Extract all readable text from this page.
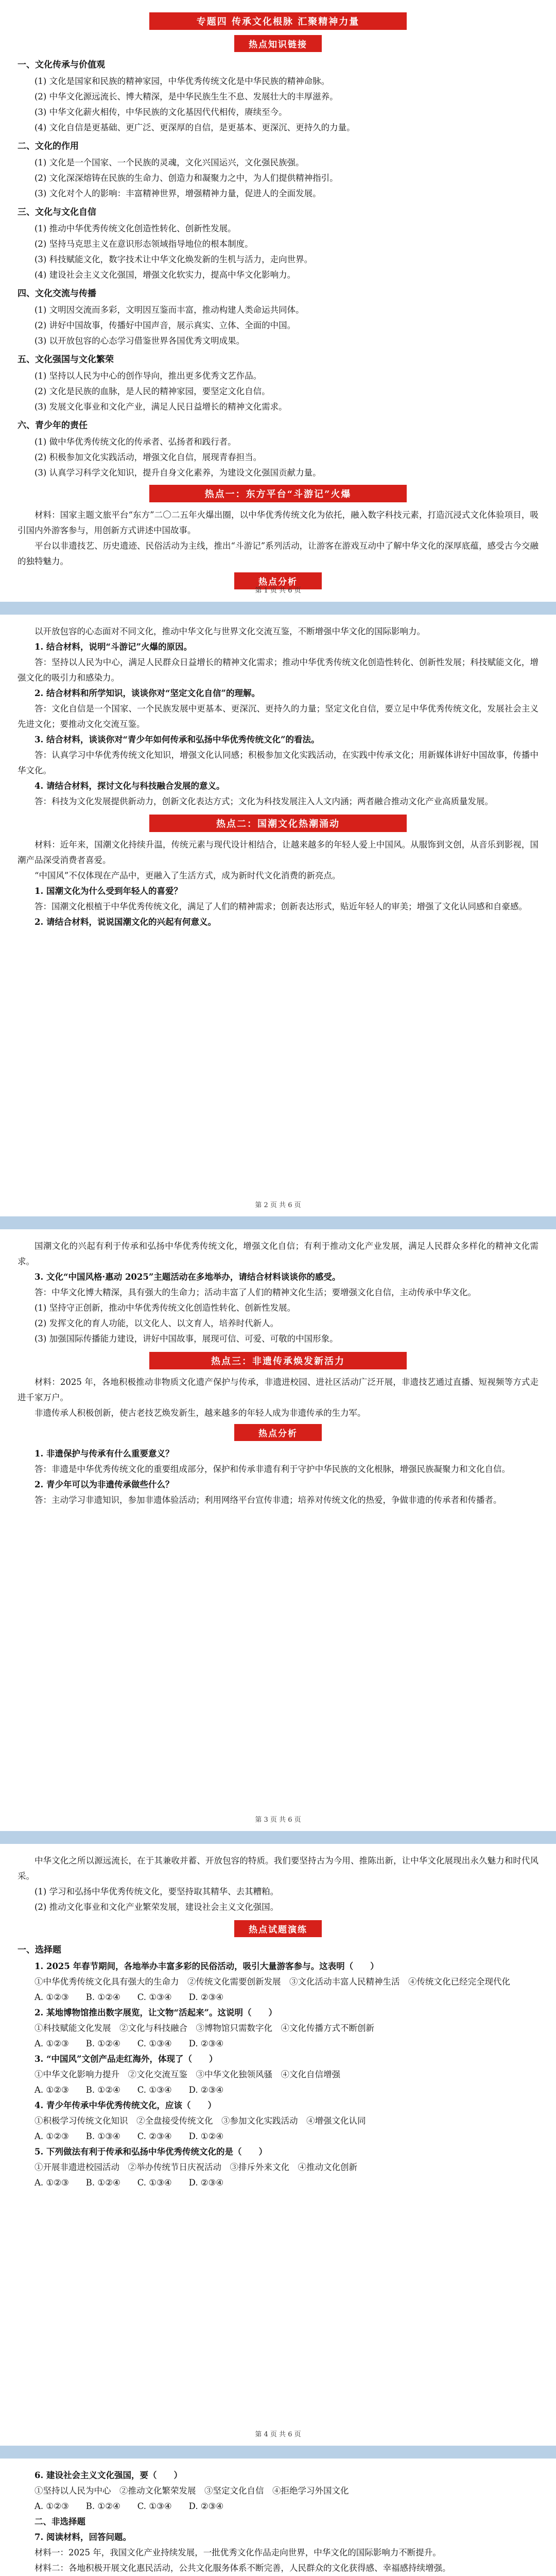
专题四 传承文化根脉 汇聚精神力量
热点知识链接

一、文化传承与价值观

(1) 文化是国家和民族的精神家园，中华优秀传统文化是中华民族的精神命脉。

(2) 中华文化源远流长、博大精深，是中华民族生生不息、发展壮大的丰厚滋养。

(3) 中华文化薪火相传，中华民族的文化基因代代相传，赓续至今。

(4) 文化自信是更基础、更广泛、更深厚的自信，是更基本、更深沉、更持久的力量。

二、文化的作用

(1) 文化是一个国家、一个民族的灵魂，文化兴国运兴，文化强民族强。

(2) 文化深深熔铸在民族的生命力、创造力和凝聚力之中，为人们提供精神指引。

(3) 文化对个人的影响：丰富精神世界，增强精神力量，促进人的全面发展。

三、文化与文化自信

(1) 推动中华优秀传统文化创造性转化、创新性发展。

(2) 坚持马克思主义在意识形态领域指导地位的根本制度。

(3) 科技赋能文化，数字技术让中华文化焕发新的生机与活力，走向世界。

(4) 建设社会主义文化强国，增强文化软实力，提高中华文化影响力。

四、文化交流与传播

(1) 文明因交流而多彩，文明因互鉴而丰富，推动构建人类命运共同体。

(2) 讲好中国故事，传播好中国声音，展示真实、立体、全面的中国。

(3) 以开放包容的心态学习借鉴世界各国优秀文明成果。

五、文化强国与文化繁荣

(1) 坚持以人民为中心的创作导向，推出更多优秀文艺作品。

(2) 文化是民族的血脉，是人民的精神家园，要坚定文化自信。

(3) 发展文化事业和文化产业，满足人民日益增长的精神文化需求。

六、青少年的责任

(1) 做中华优秀传统文化的传承者、弘扬者和践行者。

(2) 积极参加文化实践活动，增强文化自信，展现青春担当。

(3) 认真学习科学文化知识，提升自身文化素养，为建设文化强国贡献力量。

热点一：东方平台“斗游记”火爆

材料：国家主题文旅平台“东方”二〇二五年火爆出圈，以中华优秀传统文化为依托，融入数字科技元素，打造沉浸式文化体验项目，吸引国内外游客参与，用创新方式讲述中国故事。

平台以非遗技艺、历史遗迹、民俗活动为主线，推出“斗游记”系列活动，让游客在游戏互动中了解中华文化的深厚底蕴，感受古今交融的独特魅力。

热点分析
第 1 页 共 6 页

以开放包容的心态面对不同文化，推动中华文化与世界文化交流互鉴，不断增强中华文化的国际影响力。

1. 结合材料，说明“斗游记”火爆的原因。

答：坚持以人民为中心，满足人民群众日益增长的精神文化需求；推动中华优秀传统文化创造性转化、创新性发展；科技赋能文化，增强文化的吸引力和感染力。

2. 结合材料和所学知识，谈谈你对“坚定文化自信”的理解。

答：文化自信是一个国家、一个民族发展中更基本、更深沉、更持久的力量；坚定文化自信，要立足中华优秀传统文化，发展社会主义先进文化；要推动文化交流互鉴。

3. 结合材料，谈谈你对“青少年如何传承和弘扬中华优秀传统文化”的看法。

答：认真学习中华优秀传统文化知识，增强文化认同感；积极参加文化实践活动，在实践中传承文化；用新媒体讲好中国故事，传播中华文化。

4. 请结合材料，探讨文化与科技融合发展的意义。

答：科技为文化发展提供新动力，创新文化表达方式；文化为科技发展注入人文内涵；两者融合推动文化产业高质量发展。

热点二：国潮文化热潮涌动

材料：近年来，国潮文化持续升温，传统元素与现代设计相结合，让越来越多的年轻人爱上中国风。从服饰到文创，从音乐到影视，国潮产品深受消费者喜爱。

“中国风”不仅体现在产品中，更融入了生活方式，成为新时代文化消费的新亮点。

1. 国潮文化为什么受到年轻人的喜爱？

答：国潮文化根植于中华优秀传统文化，满足了人们的精神需求；创新表达形式，贴近年轻人的审美；增强了文化认同感和自豪感。

2. 请结合材料，说说国潮文化的兴起有何意义。

第 2 页 共 6 页

国潮文化的兴起有利于传承和弘扬中华优秀传统文化，增强文化自信；有利于推动文化产业发展，满足人民群众多样化的精神文化需求。

3. 文化“中国风格·惠动 2025”主题活动在多地举办，请结合材料谈谈你的感受。

答：中华文化博大精深，具有强大的生命力；活动丰富了人们的精神文化生活；要增强文化自信，主动传承中华文化。

(1) 坚持守正创新，推动中华优秀传统文化创造性转化、创新性发展。

(2) 发挥文化的育人功能，以文化人、以文育人，培养时代新人。

(3) 加强国际传播能力建设，讲好中国故事，展现可信、可爱、可敬的中国形象。

热点三：非遗传承焕发新活力

材料：2025 年，各地积极推动非物质文化遗产保护与传承，非遗进校园、进社区活动广泛开展，非遗技艺通过直播、短视频等方式走进千家万户。

非遗传承人积极创新，使古老技艺焕发新生，越来越多的年轻人成为非遗传承的生力军。

热点分析

1. 非遗保护与传承有什么重要意义？

答：非遗是中华优秀传统文化的重要组成部分，保护和传承非遗有利于守护中华民族的文化根脉，增强民族凝聚力和文化自信。

2. 青少年可以为非遗传承做些什么？

答：主动学习非遗知识，参加非遗体验活动；利用网络平台宣传非遗；培养对传统文化的热爱，争做非遗的传承者和传播者。

第 3 页 共 6 页

中华文化之所以源远流长，在于其兼收并蓄、开放包容的特质。我们要坚持古为今用、推陈出新，让中华文化展现出永久魅力和时代风采。

(1) 学习和弘扬中华优秀传统文化，要坚持取其精华、去其糟粕。

(2) 推动文化事业和文化产业繁荣发展，建设社会主义文化强国。

热点试题演练
一、选择题

1. 2025 年春节期间，各地举办丰富多彩的民俗活动，吸引大量游客参与。这表明（　　）

①中华优秀传统文化具有强大的生命力　②传统文化需要创新发展　③文化活动丰富人民精神生活　④传统文化已经完全现代化

A. ①②③　　B. ①②④　　C. ①③④　　D. ②③④

2. 某地博物馆推出数字展览，让文物“活起来”。这说明（　　）

①科技赋能文化发展　②文化与科技融合　③博物馆只需数字化　④文化传播方式不断创新

A. ①②③　　B. ①②④　　C. ①③④　　D. ②③④

3. “中国风”文创产品走红海外，体现了（　　）

①中华文化影响力提升　②文化交流互鉴　③中华文化独领风骚　④文化自信增强

A. ①②③　　B. ①②④　　C. ①③④　　D. ②③④

4. 青少年传承中华优秀传统文化，应该（　　）

①积极学习传统文化知识　②全盘接受传统文化　③参加文化实践活动　④增强文化认同

A. ①②③　　B. ①③④　　C. ②③④　　D. ①②④

5. 下列做法有利于传承和弘扬中华优秀传统文化的是（　　）

①开展非遗进校园活动　②举办传统节日庆祝活动　③排斥外来文化　④推动文化创新

A. ①②③　　B. ①②④　　C. ①③④　　D. ②③④

第 4 页 共 6 页

6. 建设社会主义文化强国，要（　　）

①坚持以人民为中心　②推动文化繁荣发展　③坚定文化自信　④拒绝学习外国文化

A. ①②③　　B. ①②④　　C. ①③④　　D. ②③④

二、非选择题

7. 阅读材料，回答问题。

材料一：2025 年，我国文化产业持续发展，一批优秀文化作品走向世界，中华文化的国际影响力不断提升。

材料二：各地积极开展文化惠民活动，公共文化服务体系不断完善，人民群众的文化获得感、幸福感持续增强。
